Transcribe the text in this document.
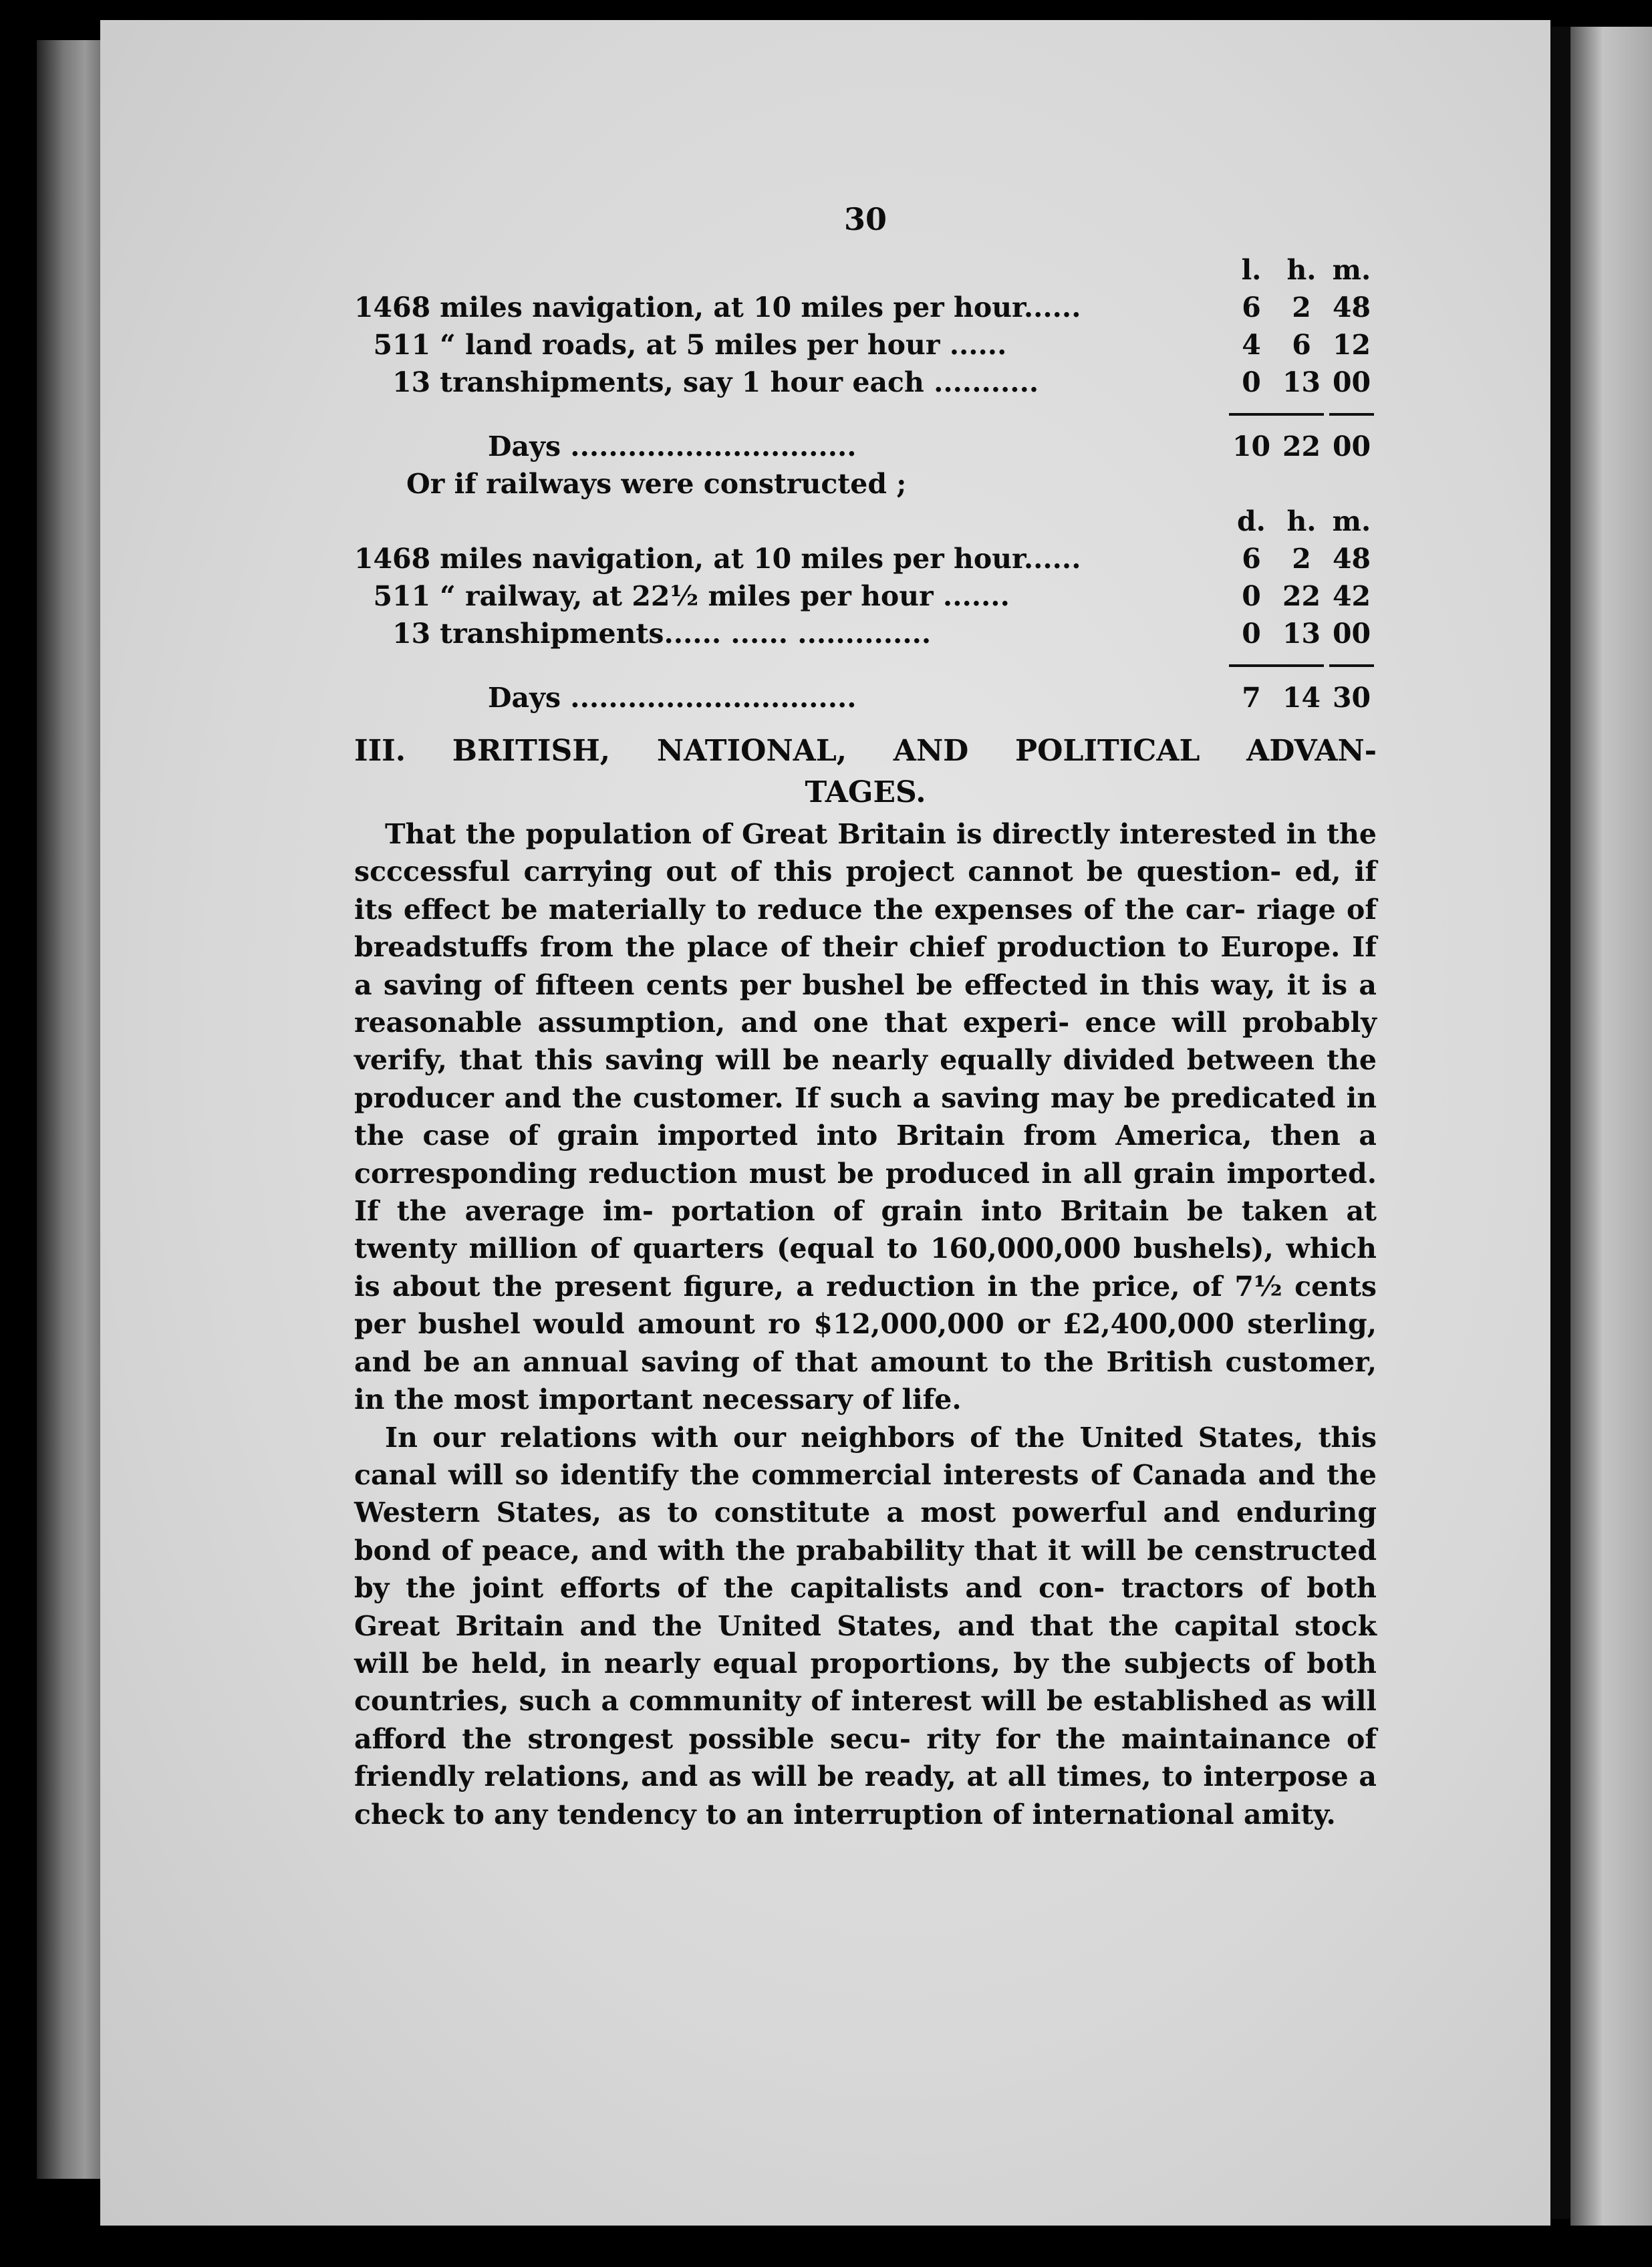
30
		l.	h.	m.
1468	miles navigation, at 10 miles per hour......	6	2	48
511	“ land roads, at 5 miles per hour ......	4	6	12
13	transhipments, say 1 hour each ...........	0	13	00

Days ..............................		10	22	00
Or if railways were constructed ;
		d.	h.	m.
1468	miles navigation, at 10 miles per hour......	6	2	48
511	“ railway, at 22½ miles per hour .......	0	22	42
13	transhipments...... ...... ..............	0	13	00

Days ..............................		7	14	30
III. BRITISH, NATIONAL, AND POLITICAL ADVAN-
TAGES.

That the population of Great Britain is directly interested in the scccessful carrying out of this project cannot be question- ed, if its effect be materially to reduce the expenses of the car- riage of breadstuffs from the place of their chief production to Europe. If a saving of fifteen cents per bushel be effected in this way, it is a reasonable assumption, and one that experi- ence will probably verify, that this saving will be nearly equally divided between the producer and the customer. If such a saving may be predicated in the case of grain imported into Britain from America, then a corresponding reduction must be produced in all grain imported. If the average im- portation of grain into Britain be taken at twenty million of quarters (equal to 160,000,000 bushels), which is about the present figure, a reduction in the price, of 7½ cents per bushel would amount ro $12,000,000 or £2,400,000 sterling, and be an annual saving of that amount to the British customer, in the most important necessary of life.

In our relations with our neighbors of the United States, this canal will so identify the commercial interests of Canada and the Western States, as to constitute a most powerful and enduring bond of peace, and with the prabability that it will be censtructed by the joint efforts of the capitalists and con- tractors of both Great Britain and the United States, and that the capital stock will be held, in nearly equal proportions, by the subjects of both countries, such a community of interest will be established as will afford the strongest possible secu- rity for the maintainance of friendly relations, and as will be ready, at all times, to interpose a check to any tendency to an interruption of international amity.
